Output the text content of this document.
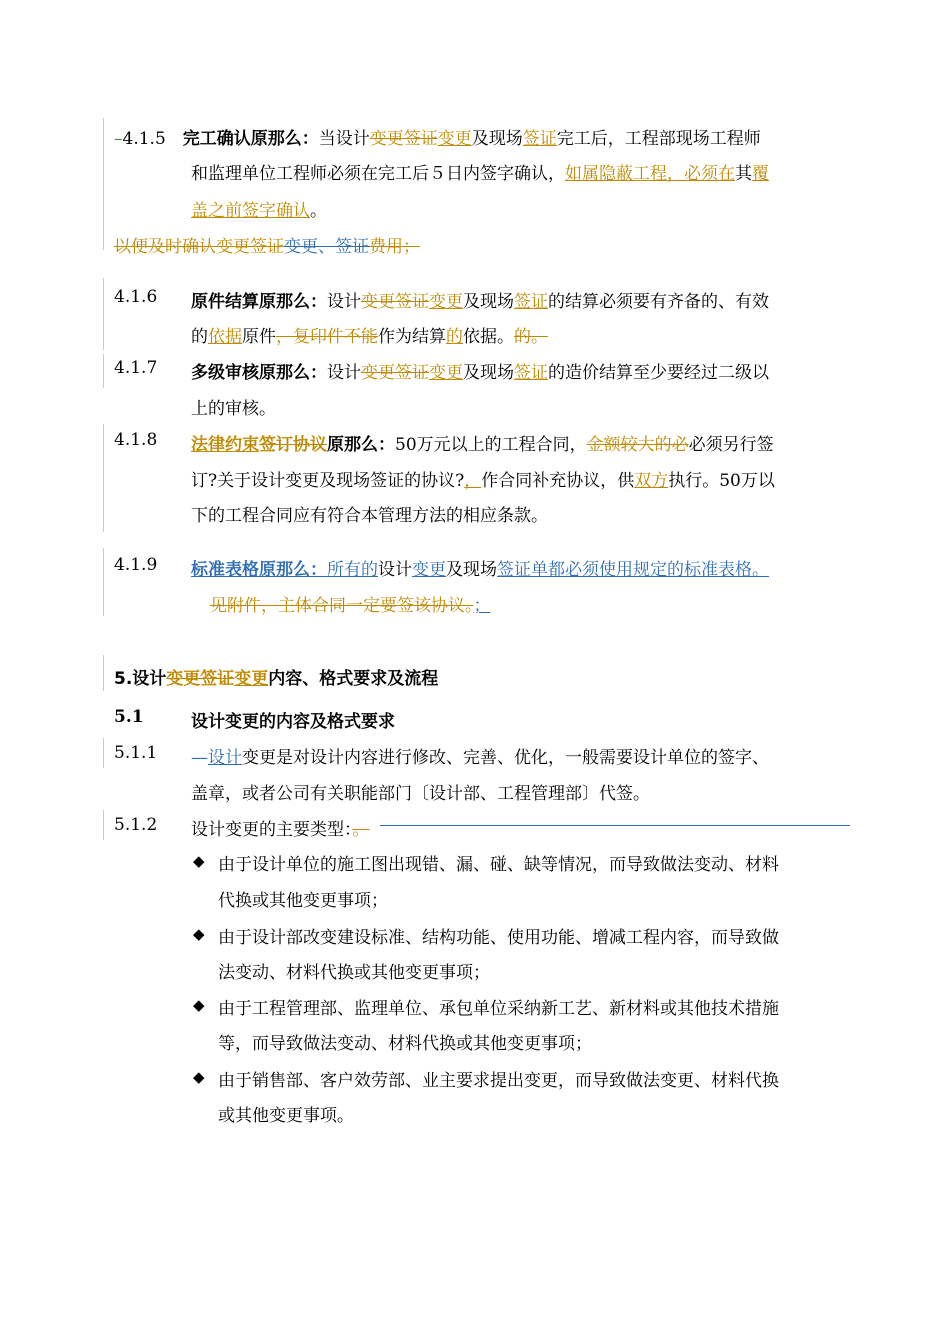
–4.1.5　 完工确认原那么：当设计变更签证变更及现场签证完工后，工程部现场工程师
和监理单位工程师必须在完工后５日内签字确认，如属隐蔽工程，必须在其覆
盖之前签字确认。
以便及时确认变更签证变更、签证费用；
4.1.6 原件结算原那么：设计变更签证变更及现场签证的结算必须要有齐备的、有效
的依据原件，复印件不能作为结算的依据。的。
4.1.7 多级审核原那么：设计变更签证变更及现场签证的造价结算至少要经过二级以
上的审核。
4.1.8 法律约束签订协议原那么：50万元以上的工程合同，金额较大的必必须另行签
订?关于设计变更及现场签证的协议?，作合同补充协议，供双方执行。50万以
下的工程合同应有符合本管理方法的相应条款。
4.1.9 标准表格原那么：所有的设计变更及现场签证单都必须使用规定的标准表格。
见附件，主体合同一定要签该协议。；
5.设计变更签证变更内容、格式要求及流程
5.1	设计变更的内容及格式要求
5.1.1 —设计变更是对设计内容进行修改、完善、优化，一般需要设计单位的签字、
盖章，或者公司有关职能部门〔设计部、工程管理部〕代签。
5.1.2 设计变更的主要类型：。
◆ 由于设计单位的施工图出现错、漏、碰、缺等情况，而导致做法变动、材料
代换或其他变更事项；
◆ 由于设计部改变建设标准、结构功能、使用功能、增减工程内容，而导致做
法变动、材料代换或其他变更事项；
◆ 由于工程管理部、监理单位、承包单位采纳新工艺、新材料或其他技术措施
等，而导致做法变动、材料代换或其他变更事项；
◆ 由于销售部、客户效劳部、业主要求提出变更，而导致做法变更、材料代换
或其他变更事项。
